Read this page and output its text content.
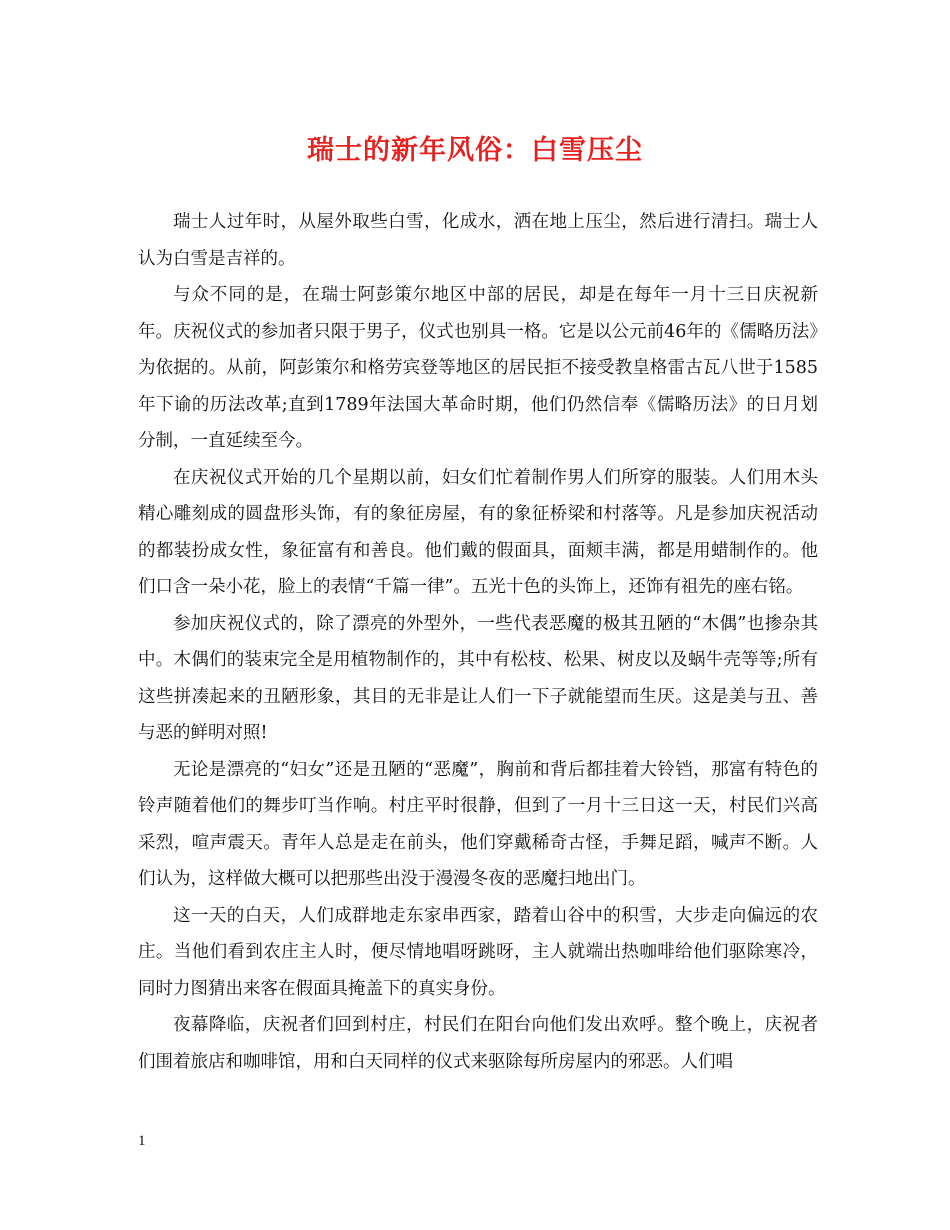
瑞士的新年风俗：白雪压尘

瑞士人过年时，从屋外取些白雪，化成水，洒在地上压尘，然后进行清扫。瑞士人认为白雪是吉祥的。

与众不同的是，在瑞士阿彭策尔地区中部的居民，却是在每年一月十三日庆祝新年。庆祝仪式的参加者只限于男子，仪式也别具一格。它是以公元前46年的《儒略历法》为依据的。从前，阿彭策尔和格劳宾登等地区的居民拒不接受教皇格雷古瓦八世于1585年下谕的历法改革;直到1789年法国大革命时期，他们仍然信奉《儒略历法》的日月划分制，一直延续至今。

在庆祝仪式开始的几个星期以前，妇女们忙着制作男人们所穿的服装。人们用木头精心雕刻成的圆盘形头饰，有的象征房屋，有的象征桥梁和村落等。凡是参加庆祝活动的都装扮成女性，象征富有和善良。他们戴的假面具，面颊丰满，都是用蜡制作的。他们口含一朵小花，脸上的表情“千篇一律”。五光十色的头饰上，还饰有祖先的座右铭。

参加庆祝仪式的，除了漂亮的外型外，一些代表恶魔的极其丑陋的“木偶”也掺杂其中。木偶们的装束完全是用植物制作的，其中有松枝、松果、树皮以及蜗牛壳等等;所有这些拼凑起来的丑陋形象，其目的无非是让人们一下子就能望而生厌。这是美与丑、善与恶的鲜明对照!

无论是漂亮的“妇女”还是丑陋的“恶魔”，胸前和背后都挂着大铃铛，那富有特色的铃声随着他们的舞步叮当作响。村庄平时很静，但到了一月十三日这一天，村民们兴高采烈，喧声震天。青年人总是走在前头，他们穿戴稀奇古怪，手舞足蹈，喊声不断。人们认为，这样做大概可以把那些出没于漫漫冬夜的恶魔扫地出门。

这一天的白天，人们成群地走东家串西家，踏着山谷中的积雪，大步走向偏远的农庄。当他们看到农庄主人时，便尽情地唱呀跳呀，主人就端出热咖啡给他们驱除寒冷，同时力图猜出来客在假面具掩盖下的真实身份。

夜幕降临，庆祝者们回到村庄，村民们在阳台向他们发出欢呼。整个晚上，庆祝者们围着旅店和咖啡馆，用和白天同样的仪式来驱除每所房屋内的邪恶。人们唱

1
